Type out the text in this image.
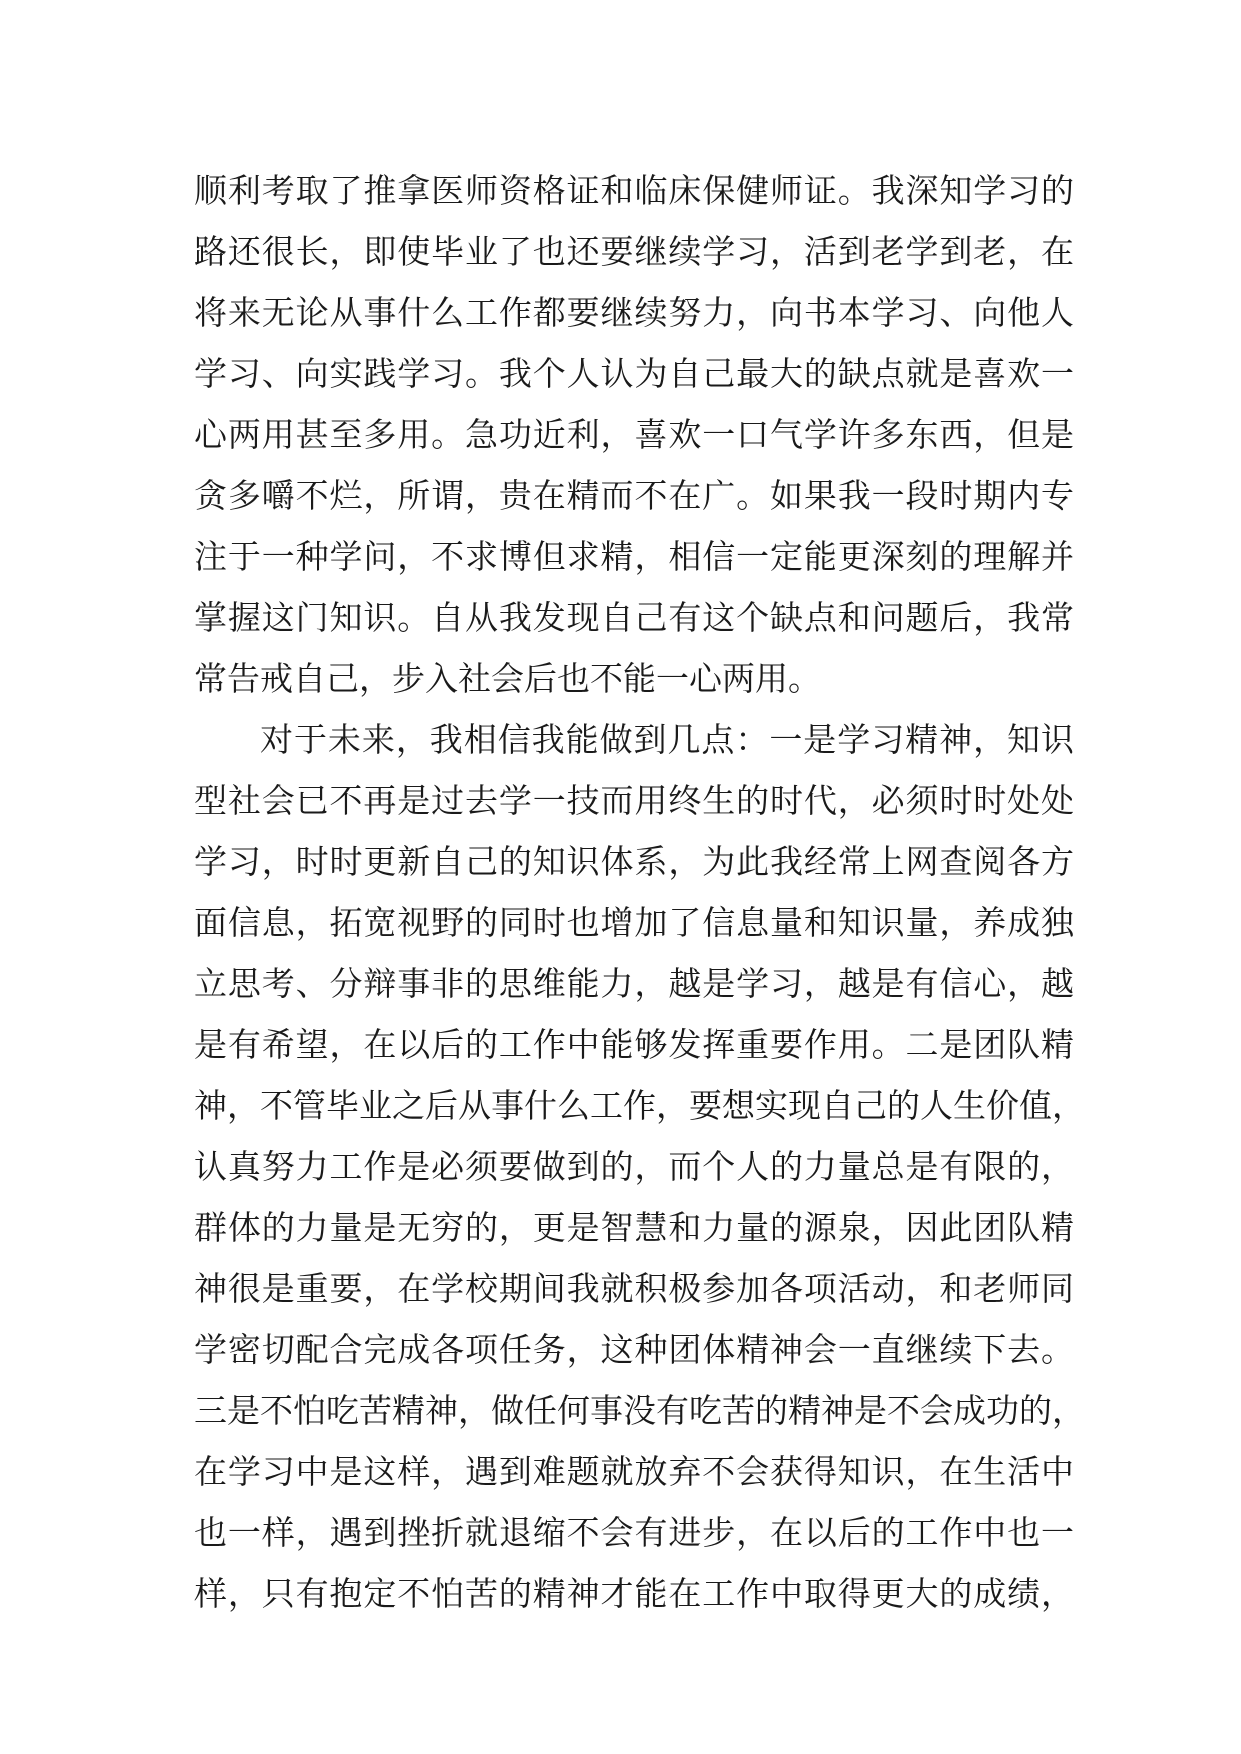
顺利考取了推拿医师资格证和临床保健师证。我深知学习的
路还很长，即使毕业了也还要继续学习，活到老学到老，在
将来无论从事什么工作都要继续努力，向书本学习、向他人
学习、向实践学习。我个人认为自己最大的缺点就是喜欢一
心两用甚至多用。急功近利，喜欢一口气学许多东西，但是
贪多嚼不烂，所谓，贵在精而不在广。如果我一段时期内专
注于一种学问，不求博但求精，相信一定能更深刻的理解并
掌握这门知识。自从我发现自己有这个缺点和问题后，我常
常告戒自己，步入社会后也不能一心两用。
对于未来，我相信我能做到几点：一是学习精神，知识
型社会已不再是过去学一技而用终生的时代，必须时时处处
学习，时时更新自己的知识体系，为此我经常上网查阅各方
面信息，拓宽视野的同时也增加了信息量和知识量，养成独
立思考、分辩事非的思维能力，越是学习，越是有信心，越
是有希望，在以后的工作中能够发挥重要作用。二是团队精
神，不管毕业之后从事什么工作，要想实现自己的人生价值，
认真努力工作是必须要做到的，而个人的力量总是有限的，
群体的力量是无穷的，更是智慧和力量的源泉，因此团队精
神很是重要，在学校期间我就积极参加各项活动，和老师同
学密切配合完成各项任务，这种团体精神会一直继续下去。
三是不怕吃苦精神，做任何事没有吃苦的精神是不会成功的，
在学习中是这样，遇到难题就放弃不会获得知识，在生活中
也一样，遇到挫折就退缩不会有进步，在以后的工作中也一
样，只有抱定不怕苦的精神才能在工作中取得更大的成绩，
